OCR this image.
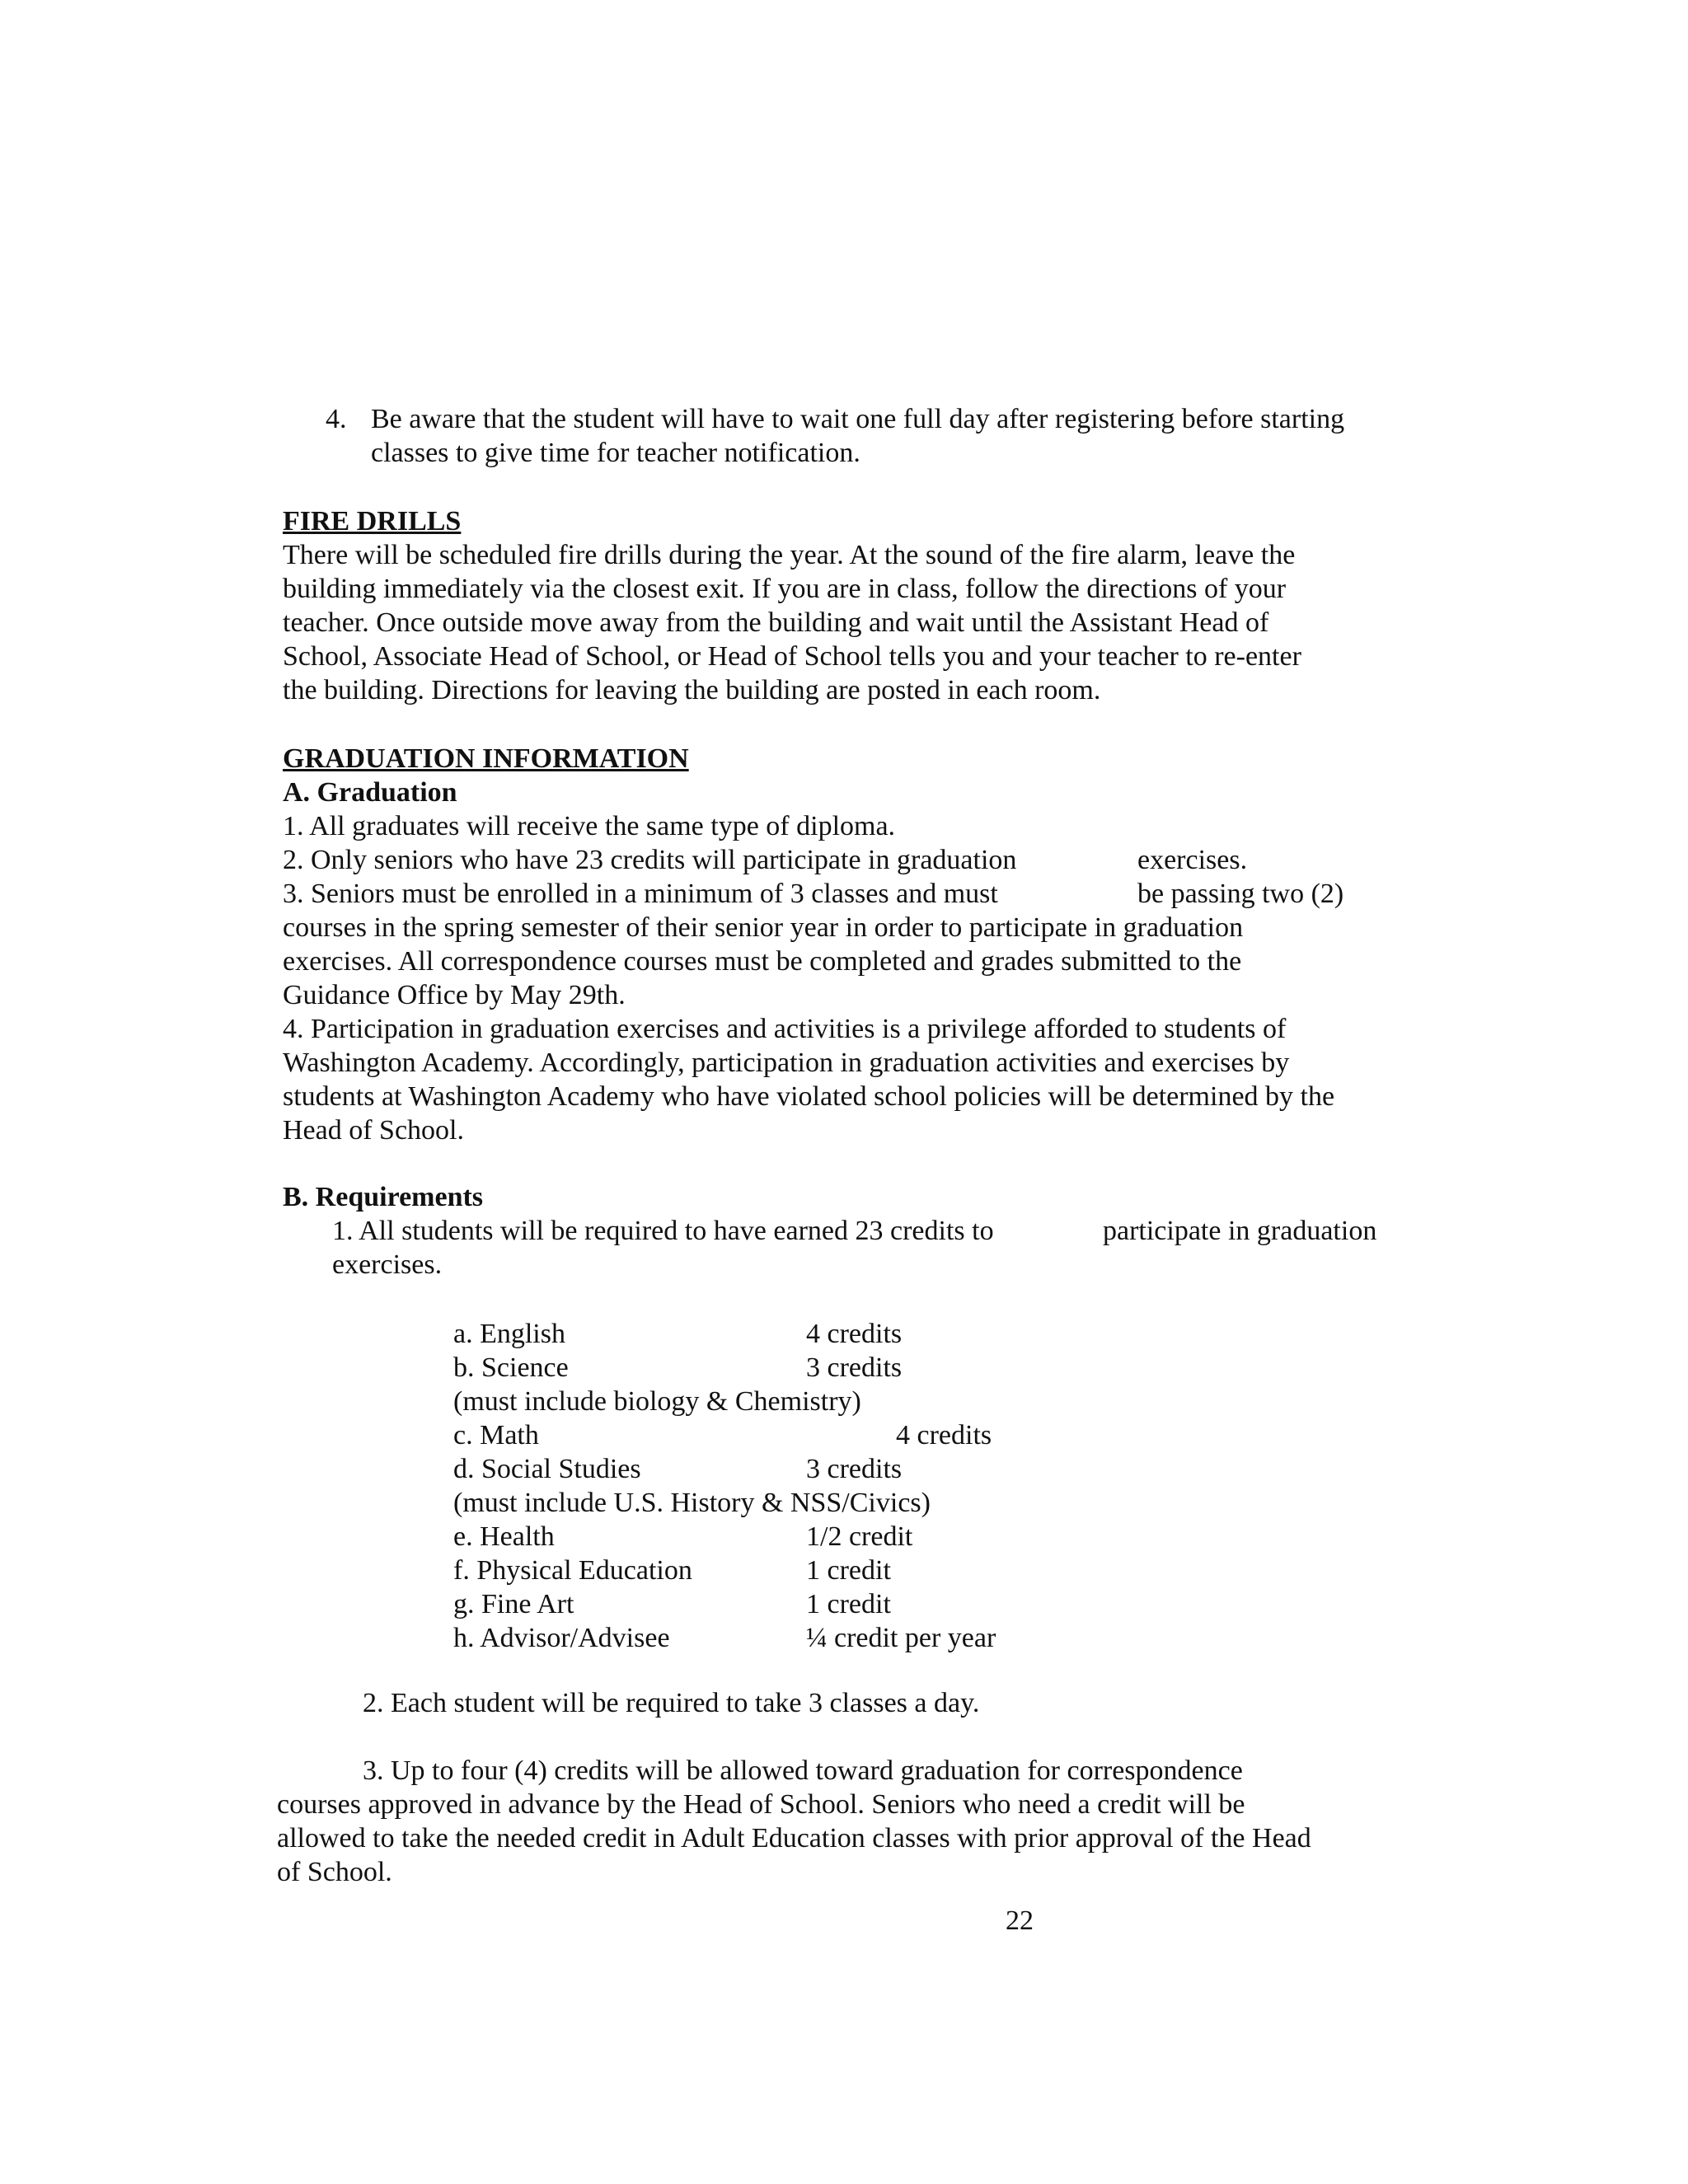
4. Be aware that the student will have to wait one full day after registering before starting

classes to give time for teacher notification.

FIRE DRILLS

There will be scheduled fire drills during the year. At the sound of the fire alarm, leave the

building immediately via the closest exit. If you are in class, follow the directions of your

teacher. Once outside move away from the building and wait until the Assistant Head of

School, Associate Head of School, or Head of School tells you and your teacher to re-enter

the building. Directions for leaving the building are posted in each room.

GRADUATION INFORMATION

A. Graduation

1. All graduates will receive the same type of diploma.

2. Only seniors who have 23 credits will participate in graduation	exercises.

3. Seniors must be enrolled in a minimum of 3 classes and must	be passing two (2)

courses in the spring semester of their senior year in order to participate in graduation

exercises. All correspondence courses must be completed and grades submitted to the

Guidance Office by May 29th.

4. Participation in graduation exercises and activities is a privilege afforded to students of

Washington Academy. Accordingly, participation in graduation activities and exercises by

students at Washington Academy who have violated school policies will be determined by the

Head of School.

B. Requirements

1. All students will be required to have earned 23 credits to	participate in graduation

exercises.

a. English	4 credits
b. Science	3 credits
(must include biology & Chemistry)
c. Math	4 credits
d. Social Studies	3 credits
(must include U.S. History & NSS/Civics)
e. Health	1/2 credit
f. Physical Education	1 credit
g. Fine Art	1 credit
h. Advisor/Advisee	¼ credit per year

2. Each student will be required to take 3 classes a day.

3. Up to four (4) credits will be allowed toward graduation for correspondence

courses approved in advance by the Head of School. Seniors who need a credit will be

allowed to take the needed credit in Adult Education classes with prior approval of the Head

of School.

22
